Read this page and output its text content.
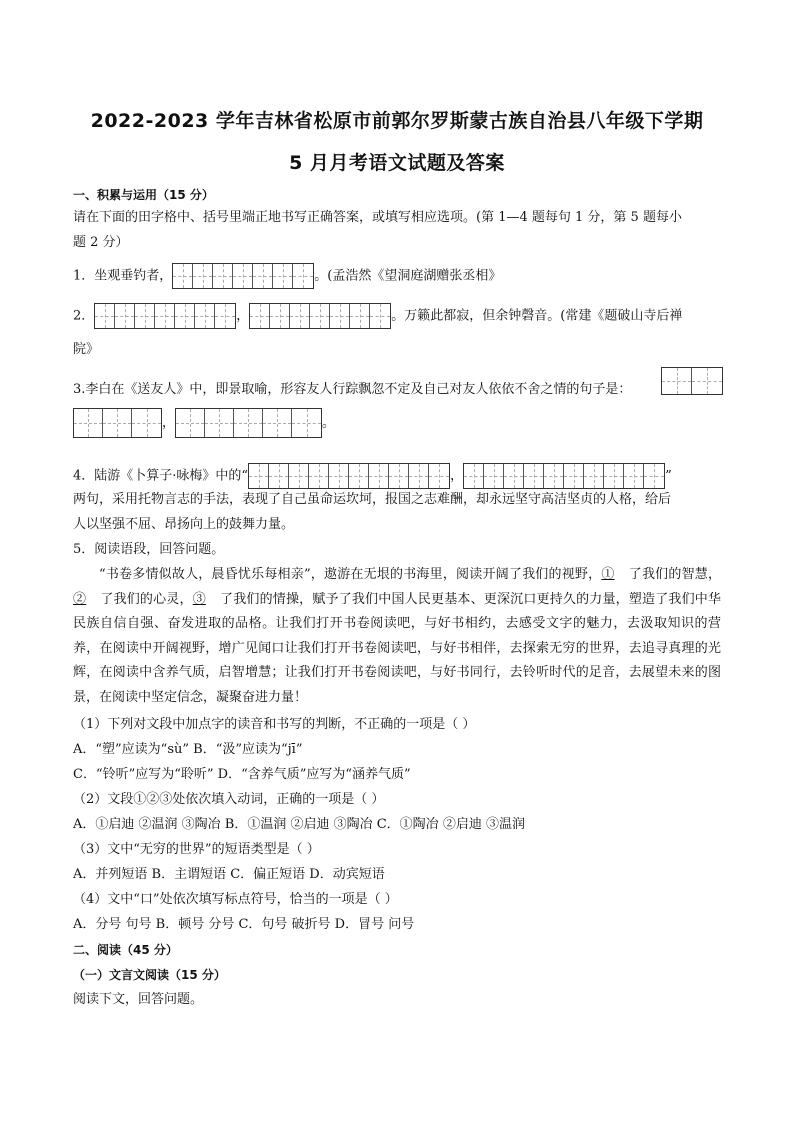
2022-2023 学年吉林省松原市前郭尔罗斯蒙古族自治县八年级下学期
5 月月考语文试题及答案
一、积累与运用（15 分）
请在下面的田字格中、括号里端正地书写正确答案，或填写相应选项。(第 1—4 题每句 1 分，第 5 题每小
题 2 分）
1．坐观垂钓者，	。(孟浩然《望洞庭湖赠张丞相》
2．	，	。万籁此都寂，但余钟磬音。(常建《题破山寺后禅
院》
3.李白在《送友人》中，即景取喻，形容友人行踪飘忽不定及自己对友人依依不舍之情的句子是：
，	。
4．陆游《卜算子·咏梅》中的“	，	”
两句，采用托物言志的手法，表现了自己虽命运坎坷，报国之志难酬，却永远坚守高洁坚贞的人格，给后
人以坚强不屈、昂扬向上的鼓舞力量。
5．阅读语段，回答问题。
“书卷多情似故人，晨昏忧乐每相亲”，遨游在无垠的书海里，阅读开阔了我们的视野，① 了我们的智慧，② 了我们的心灵，③ 了我们的情操，赋予了我们中国人民更基本、更深沉口更持久的力量，塑造了我们中华民族自信自强、奋发进取的品格。让我们打开书卷阅读吧，与好书相约，去感受文字的魅力，去汲取知识的营养，在阅读中开阔视野，增广见闻口让我们打开书卷阅读吧，与好书相伴，去探索无穷的世界，去追寻真理的光辉，在阅读中含养气质，启智增慧；让我们打开书卷阅读吧，与好书同行，去铃听时代的足音，去展望未来的图景，在阅读中坚定信念，凝聚奋进力量！
（1）下列对文段中加点字的读音和书写的判断，不正确的一项是（ ）
A．“塑”应读为“sù” B．“汲”应读为“jī”
C．“铃听”应写为“聆听” D．“含养气质”应写为“涵养气质”
（2）文段①②③处依次填入动词，正确的一项是（ ）
A．①启迪 ②温润 ③陶冶 B．①温润 ②启迪 ③陶冶 C．①陶冶 ②启迪 ③温润
（3）文中“无穷的世界”的短语类型是（ ）
A．并列短语 B．主谓短语 C．偏正短语 D．动宾短语
（4）文中“口”处依次填写标点符号，恰当的一项是（ ）
A．分号 句号 B．顿号 分号 C．句号 破折号 D．冒号 问号
二、阅读（45 分）
（一）文言文阅读（15 分）
阅读下文，回答问题。
